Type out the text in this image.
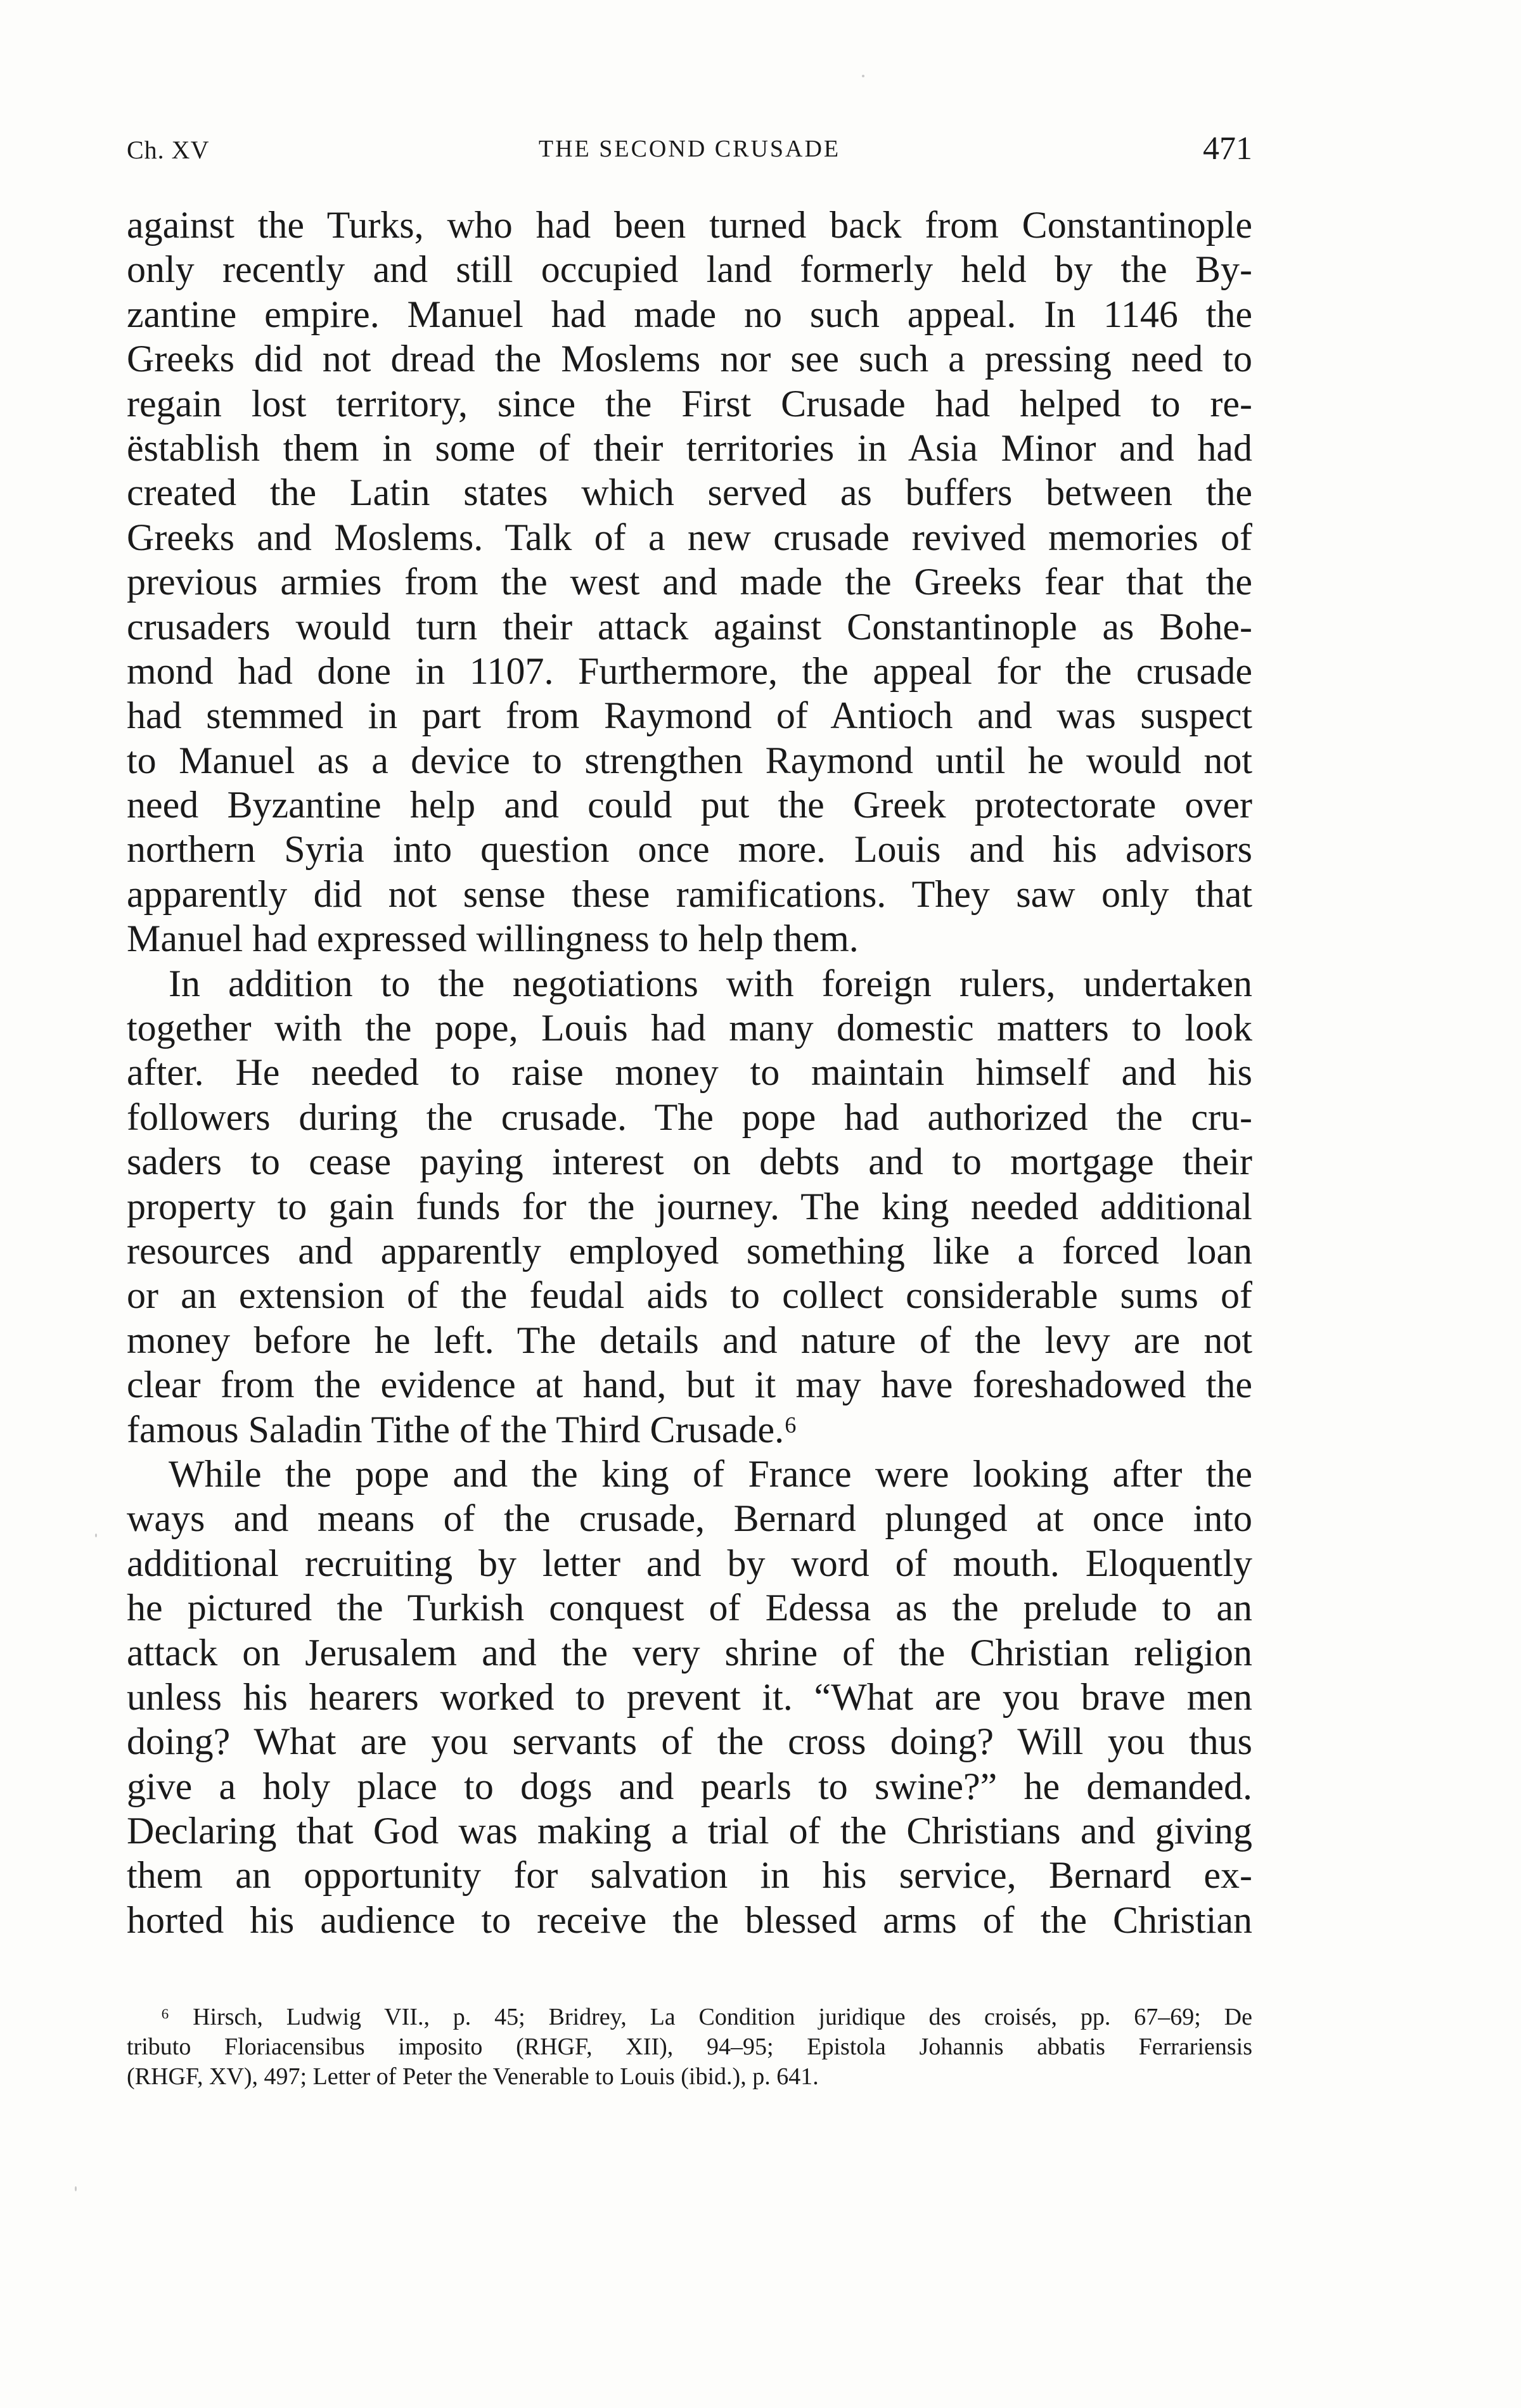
Ch. XV	THE SECOND CRUSADE	471
against the Turks, who had been turned back from Constantinople
only recently and still occupied land formerly held by the By-
zantine empire. Manuel had made no such appeal. In 1146 the
Greeks did not dread the Moslems nor see such a pressing need to
regain lost territory, since the First Crusade had helped to re-
ëstablish them in some of their territories in Asia Minor and had
created the Latin states which served as buffers between the
Greeks and Moslems. Talk of a new crusade revived memories of
previous armies from the west and made the Greeks fear that the
crusaders would turn their attack against Constantinople as Bohe-
mond had done in 1107. Furthermore, the appeal for the crusade
had stemmed in part from Raymond of Antioch and was suspect
to Manuel as a device to strengthen Raymond until he would not
need Byzantine help and could put the Greek protectorate over
northern Syria into question once more. Louis and his advisors
apparently did not sense these ramifications. They saw only that
Manuel had expressed willingness to help them.
In addition to the negotiations with foreign rulers, undertaken
together with the pope, Louis had many domestic matters to look
after. He needed to raise money to maintain himself and his
followers during the crusade. The pope had authorized the cru-
saders to cease paying interest on debts and to mortgage their
property to gain funds for the journey. The king needed additional
resources and apparently employed something like a forced loan
or an extension of the feudal aids to collect considerable sums of
money before he left. The details and nature of the levy are not
clear from the evidence at hand, but it may have foreshadowed the
famous Saladin Tithe of the Third Crusade.⁶
While the pope and the king of France were looking after the
ways and means of the crusade, Bernard plunged at once into
additional recruiting by letter and by word of mouth. Eloquently
he pictured the Turkish conquest of Edessa as the prelude to an
attack on Jerusalem and the very shrine of the Christian religion
unless his hearers worked to prevent it. “What are you brave men
doing? What are you servants of the cross doing? Will you thus
give a holy place to dogs and pearls to swine?” he demanded.
Declaring that God was making a trial of the Christians and giving
them an opportunity for salvation in his service, Bernard ex-
horted his audience to receive the blessed arms of the Christian
⁶ Hirsch, Ludwig VII., p. 45; Bridrey, La Condition juridique des croisés, pp. 67–69; De
tributo Floriacensibus imposito (RHGF, XII), 94–95; Epistola Johannis abbatis Ferrariensis
(RHGF, XV), 497; Letter of Peter the Venerable to Louis (ibid.), p. 641.
